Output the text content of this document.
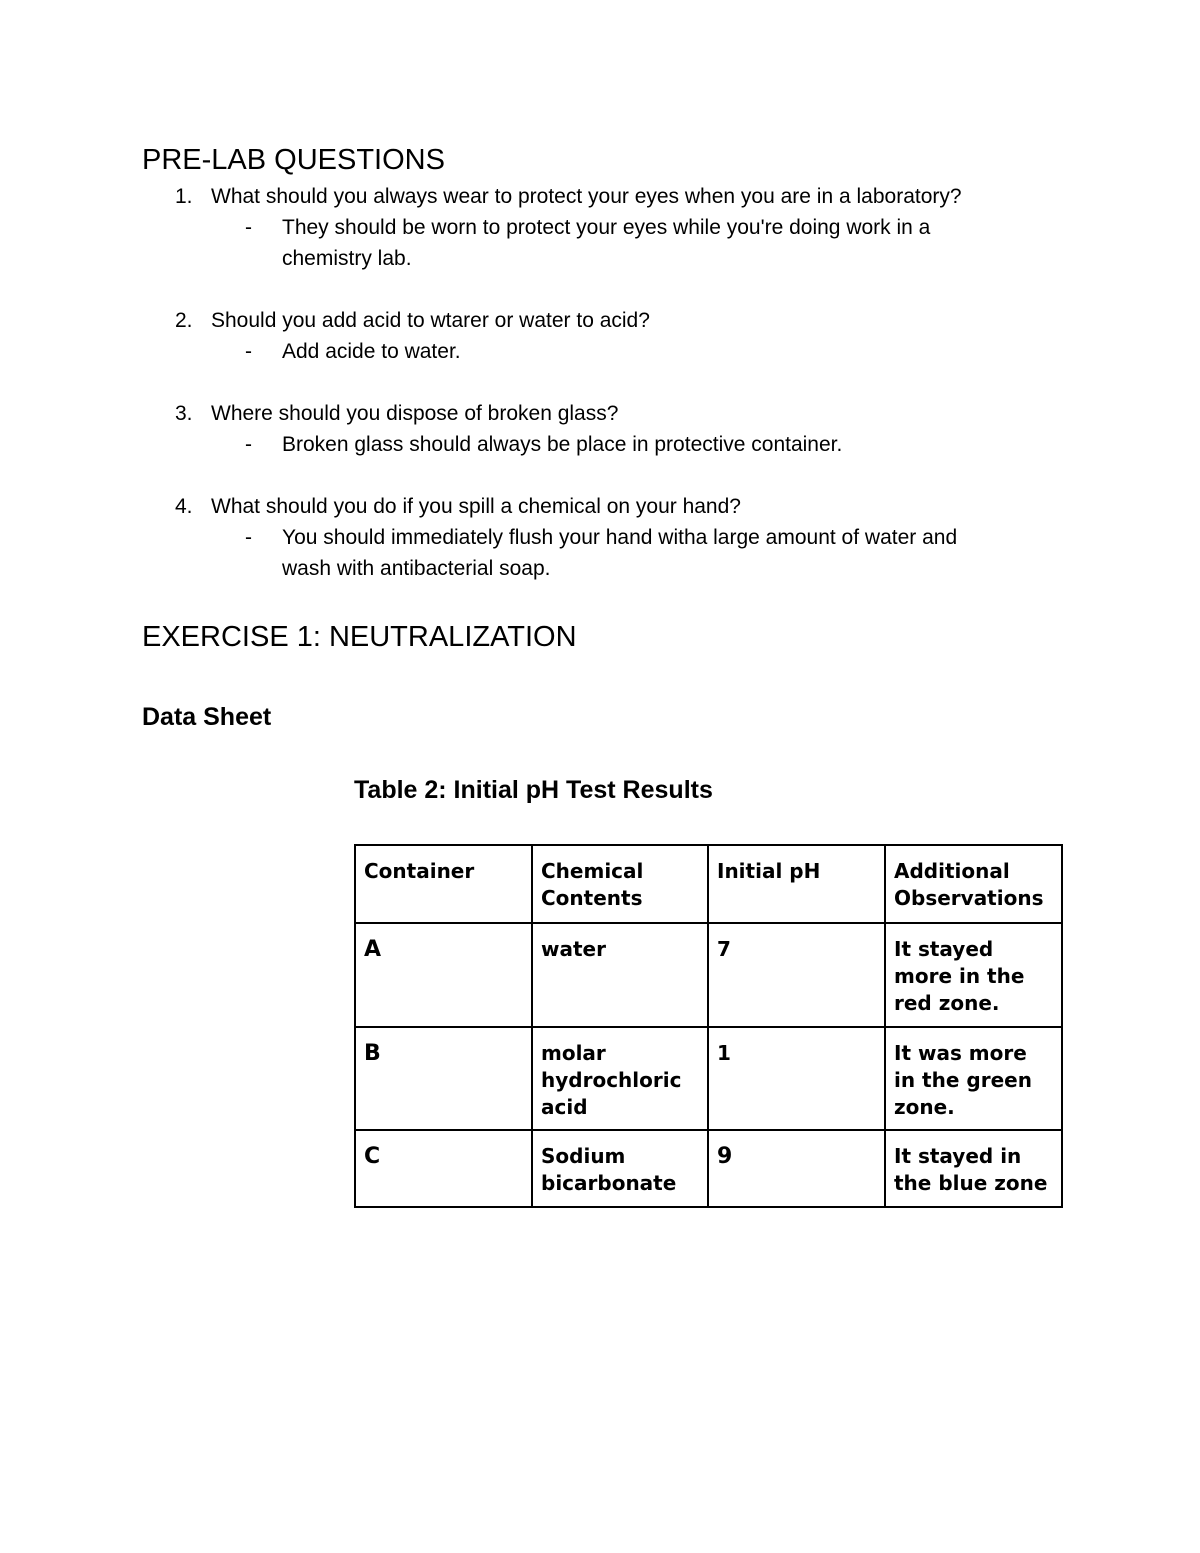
PRE-LAB QUESTIONS
1. What should you always wear to protect your eyes when you are in a laboratory?
- They should be worn to protect your eyes while you're doing work in a
chemistry lab.
2. Should you add acid to wtarer or water to acid?
- Add acide to water.
3. Where should you dispose of broken glass?
- Broken glass should always be place in protective container.
4. What should you do if you spill a chemical on your hand?
- You should immediately flush your hand witha large amount of water and
wash with antibacterial soap.
EXERCISE 1: NEUTRALIZATION
Data Sheet
Table 2: Initial pH Test Results
Container	Chemical Contents	Initial pH	Additional Observations
A	water	7	It stayed more in the red zone.
B	molar hydrochloric acid	1	It was more in the green zone.
C	Sodium bicarbonate	9	It stayed in the blue zone
